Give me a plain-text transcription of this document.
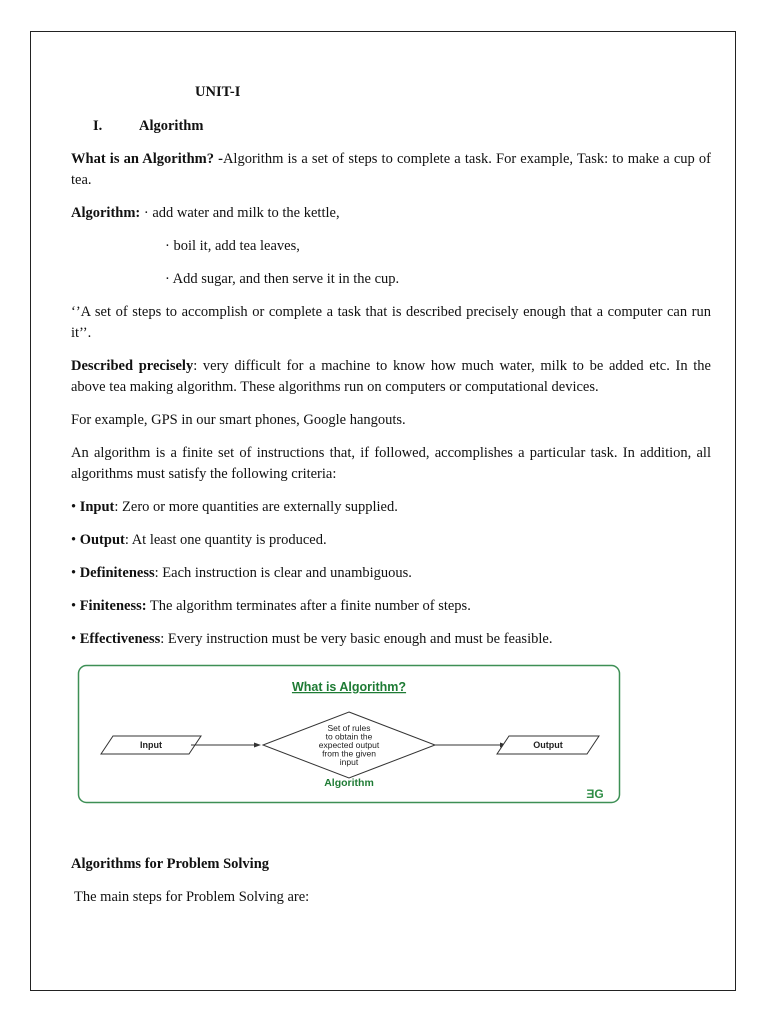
UNIT-I

I.	Algorithm

What is an Algorithm? -Algorithm is a set of steps to complete a task. For example, Task: to make a cup of tea.

Algorithm: · add water and milk to the kettle,

· boil it, add tea leaves,

· Add sugar, and then serve it in the cup.

‘’A set of steps to accomplish or complete a task that is described precisely enough that a computer can run it’’.

Described precisely: very difficult for a machine to know how much water, milk to be added etc. In the above tea making algorithm. These algorithms run on computers or computational devices.

For example, GPS in our smart phones, Google hangouts.

An algorithm is a finite set of instructions that, if followed, accomplishes a particular task. In addition, all algorithms must satisfy the following criteria:

• Input: Zero or more quantities are externally supplied.

• Output: At least one quantity is produced.

• Definiteness: Each instruction is clear and unambiguous.

• Finiteness: The algorithm terminates after a finite number of steps.

• Effectiveness: Every instruction must be very basic enough and must be feasible.

What is Algorithm?
Input
Set of rules
to obtain the
expected output
from the given
input
Output
Algorithm
ƎG

Algorithms for Problem Solving

The main steps for Problem Solving are:
